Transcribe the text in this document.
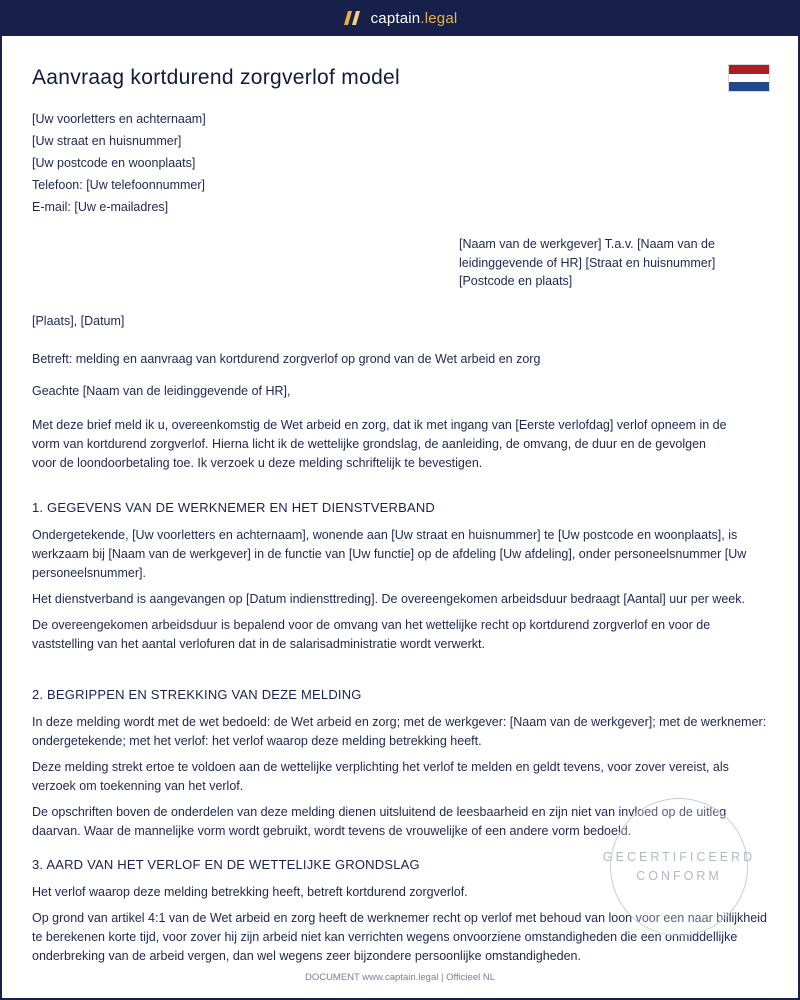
captain.legal
Aanvraag kortdurend zorgverlof model
[Uw voorletters en achternaam]
[Uw straat en huisnummer]
[Uw postcode en woonplaats]
Telefoon: [Uw telefoonnummer]
E-mail: [Uw e-mailadres]
[Naam van de werkgever] T.a.v. [Naam van de leidinggevende of HR] [Straat en huisnummer] [Postcode en plaats]
[Plaats], [Datum]
Betreft: melding en aanvraag van kortdurend zorgverlof op grond van de Wet arbeid en zorg
Geachte [Naam van de leidinggevende of HR],
Met deze brief meld ik u, overeenkomstig de Wet arbeid en zorg, dat ik met ingang van [Eerste verlofdag] verlof opneem in de vorm van kortdurend zorgverlof. Hierna licht ik de wettelijke grondslag, de aanleiding, de omvang, de duur en de gevolgen voor de loondoorbetaling toe. Ik verzoek u deze melding schriftelijk te bevestigen.
1. GEGEVENS VAN DE WERKNEMER EN HET DIENSTVERBAND

Ondergetekende, [Uw voorletters en achternaam], wonende aan [Uw straat en huisnummer] te [Uw postcode en woonplaats], is werkzaam bij [Naam van de werkgever] in de functie van [Uw functie] op de afdeling [Uw afdeling], onder personeelsnummer [Uw personeelsnummer].

Het dienstverband is aangevangen op [Datum indiensttreding]. De overeengekomen arbeidsduur bedraagt [Aantal] uur per week.

De overeengekomen arbeidsduur is bepalend voor de omvang van het wettelijke recht op kortdurend zorgverlof en voor de vaststelling van het aantal verlofuren dat in de salarisadministratie wordt verwerkt.

2. BEGRIPPEN EN STREKKING VAN DEZE MELDING

In deze melding wordt met de wet bedoeld: de Wet arbeid en zorg; met de werkgever: [Naam van de werkgever]; met de werknemer: ondergetekende; met het verlof: het verlof waarop deze melding betrekking heeft.

Deze melding strekt ertoe te voldoen aan de wettelijke verplichting het verlof te melden en geldt tevens, voor zover vereist, als verzoek om toekenning van het verlof.

De opschriften boven de onderdelen van deze melding dienen uitsluitend de leesbaarheid en zijn niet van invloed op de uitleg daarvan. Waar de mannelijke vorm wordt gebruikt, wordt tevens de vrouwelijke of een andere vorm bedoeld.

3. AARD VAN HET VERLOF EN DE WETTELIJKE GRONDSLAG

Het verlof waarop deze melding betrekking heeft, betreft kortdurend zorgverlof.

Op grond van artikel 4:1 van de Wet arbeid en zorg heeft de werknemer recht op verlof met behoud van loon voor een naar billijkheid te berekenen korte tijd, voor zover hij zijn arbeid niet kan verrichten wegens onvoorziene omstandigheden die een onmiddellijke onderbreking van de arbeid vergen, dan wel wegens zeer bijzondere persoonlijke omstandigheden.

GECERTIFICEERD
CONFORM
DOCUMENT www.captain.legal | Officieel NL
